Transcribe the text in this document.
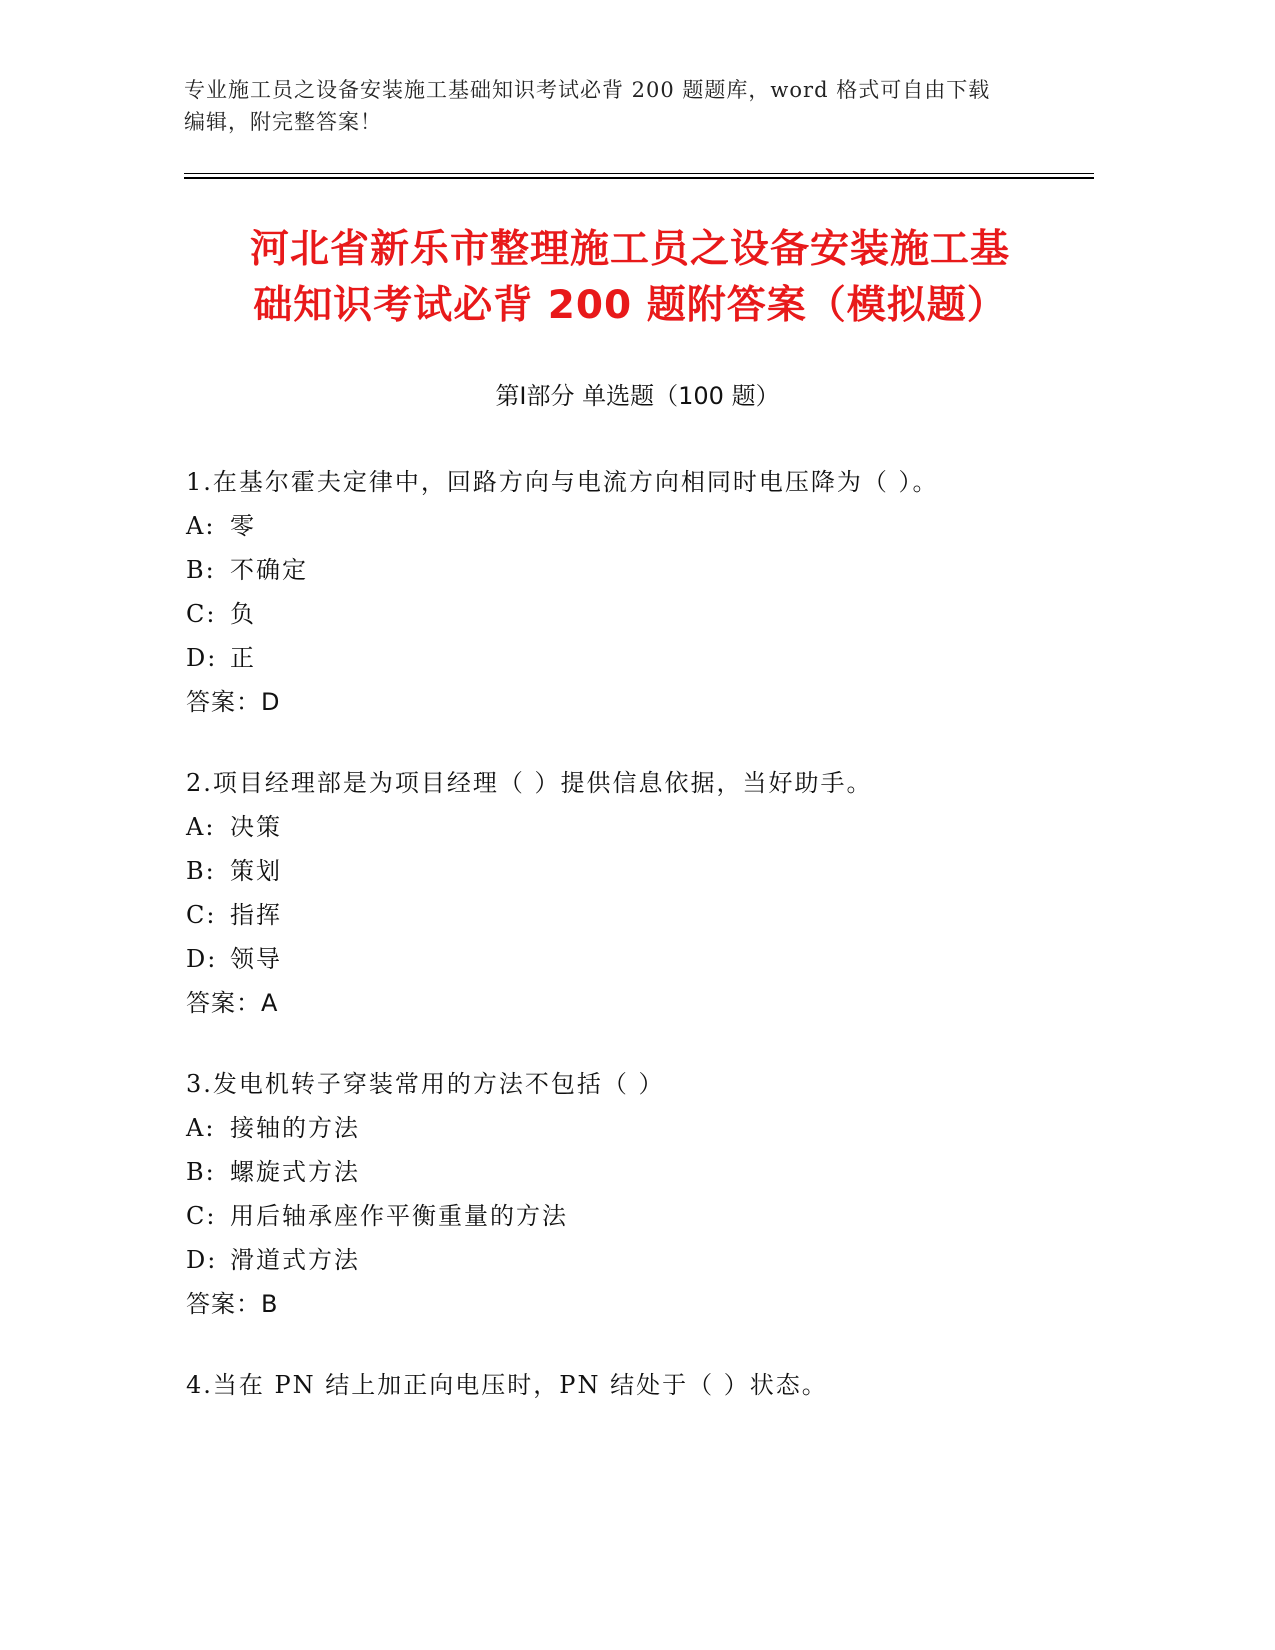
专业施工员之设备安装施工基础知识考试必背 200 题题库，word 格式可自由下载
编辑，附完整答案！
河北省新乐市整理施工员之设备安装施工基
础知识考试必背 200 题附答案（模拟题）
第Ⅰ部分 单选题（100 题）
1.在基尔霍夫定律中，回路方向与电流方向相同时电压降为（ ）。
A: 零
B: 不确定
C: 负
D: 正
答案：D
2.项目经理部是为项目经理（ ）提供信息依据，当好助手。
A: 决策
B: 策划
C: 指挥
D: 领导
答案：A
3.发电机转子穿装常用的方法不包括（ ）
A: 接轴的方法
B: 螺旋式方法
C: 用后轴承座作平衡重量的方法
D: 滑道式方法
答案：B
4.当在 PN 结上加正向电压时，PN 结处于（ ）状态。
